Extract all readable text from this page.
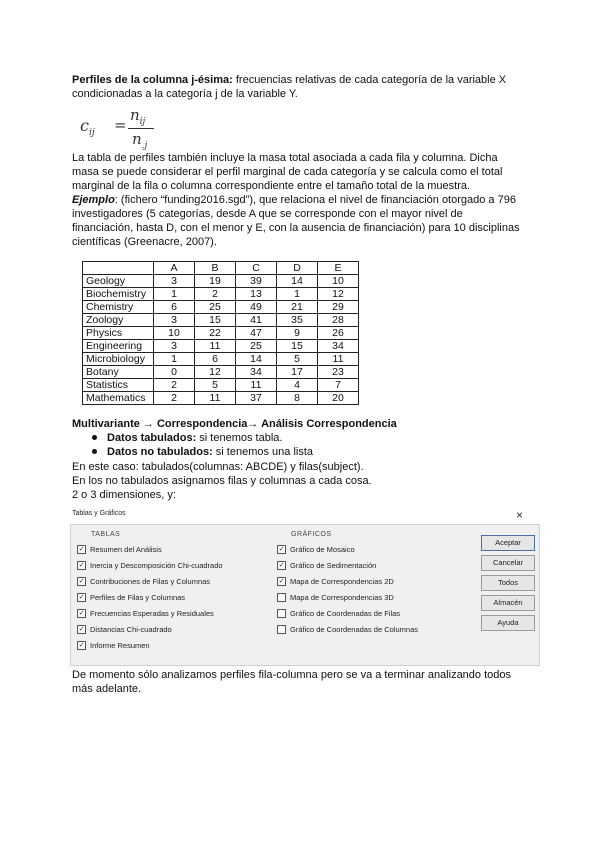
Perfiles de la columna j-ésima: frecuencias relativas de cada categoría de la variable X
condicionadas a la categoría j de la variable Y.
$c_{ij}$ =
$n_{ij}$
$n_{.j}$
La tabla de perfiles también incluye la masa total asociada a cada fila y columna. Dicha
masa se puede considerar el perfil marginal de cada categoría y se calcula como el total
marginal de la fila o columna correspondiente entre el tamaño total de la muestra.
Ejemplo: (fichero “funding2016.sgd”), que relaciona el nivel de financiación otorgado a 796
investigadores (5 categorías, desde A que se corresponde con el mayor nivel de
financiación, hasta D, con el menor y E, con la ausencia de financiación) para 10 disciplinas
científicas (Greenacre, 2007).
	A	B	C	D	E
Geology	3	19	39	14	10
Biochemistry	1	2	13	1	12
Chemistry	6	25	49	21	29
Zoology	3	15	41	35	28
Physics	10	22	47	9	26
Engineering	3	11	25	15	34
Microbiology	1	6	14	5	11
Botany	0	12	34	17	23
Statistics	2	5	11	4	7
Mathematics	2	11	37	8	20
Multivariante → Correspondencia→ Análisis Correspondencia
Datos tabulados: si tenemos tabla.
Datos no tabulados: si tenemos una lista
En este caso: tabulados(columnas: ABCDE) y filas(subject).
En los no tabulados asignamos filas y columnas a cada cosa.
2 o 3 dimensiones, y:
Tablas y Gráficos	×
TABLAS	GRÁFICOS
✓ Resumen del Análisis
✓ Inercia y Descomposición Chi-cuadrado
✓ Contribuciones de Filas y Columnas
✓ Perfiles de Filas y Columnas
✓ Frecuencias Esperadas y Residuales
✓ Distancias Chi-cuadrado
✓ Informe Resumen
✓ Gráfico de Mosaico
✓ Gráfico de Sedimentación
✓ Mapa de Correspondencias 2D
Mapa de Correspondencias 3D
Gráfico de Coordenadas de Filas
Gráfico de Coordenadas de Columnas
Aceptar
Cancelar
Todos
Almacén
Ayuda
De momento sólo analizamos perfiles fila-columna pero se va a terminar analizando todos
más adelante.
